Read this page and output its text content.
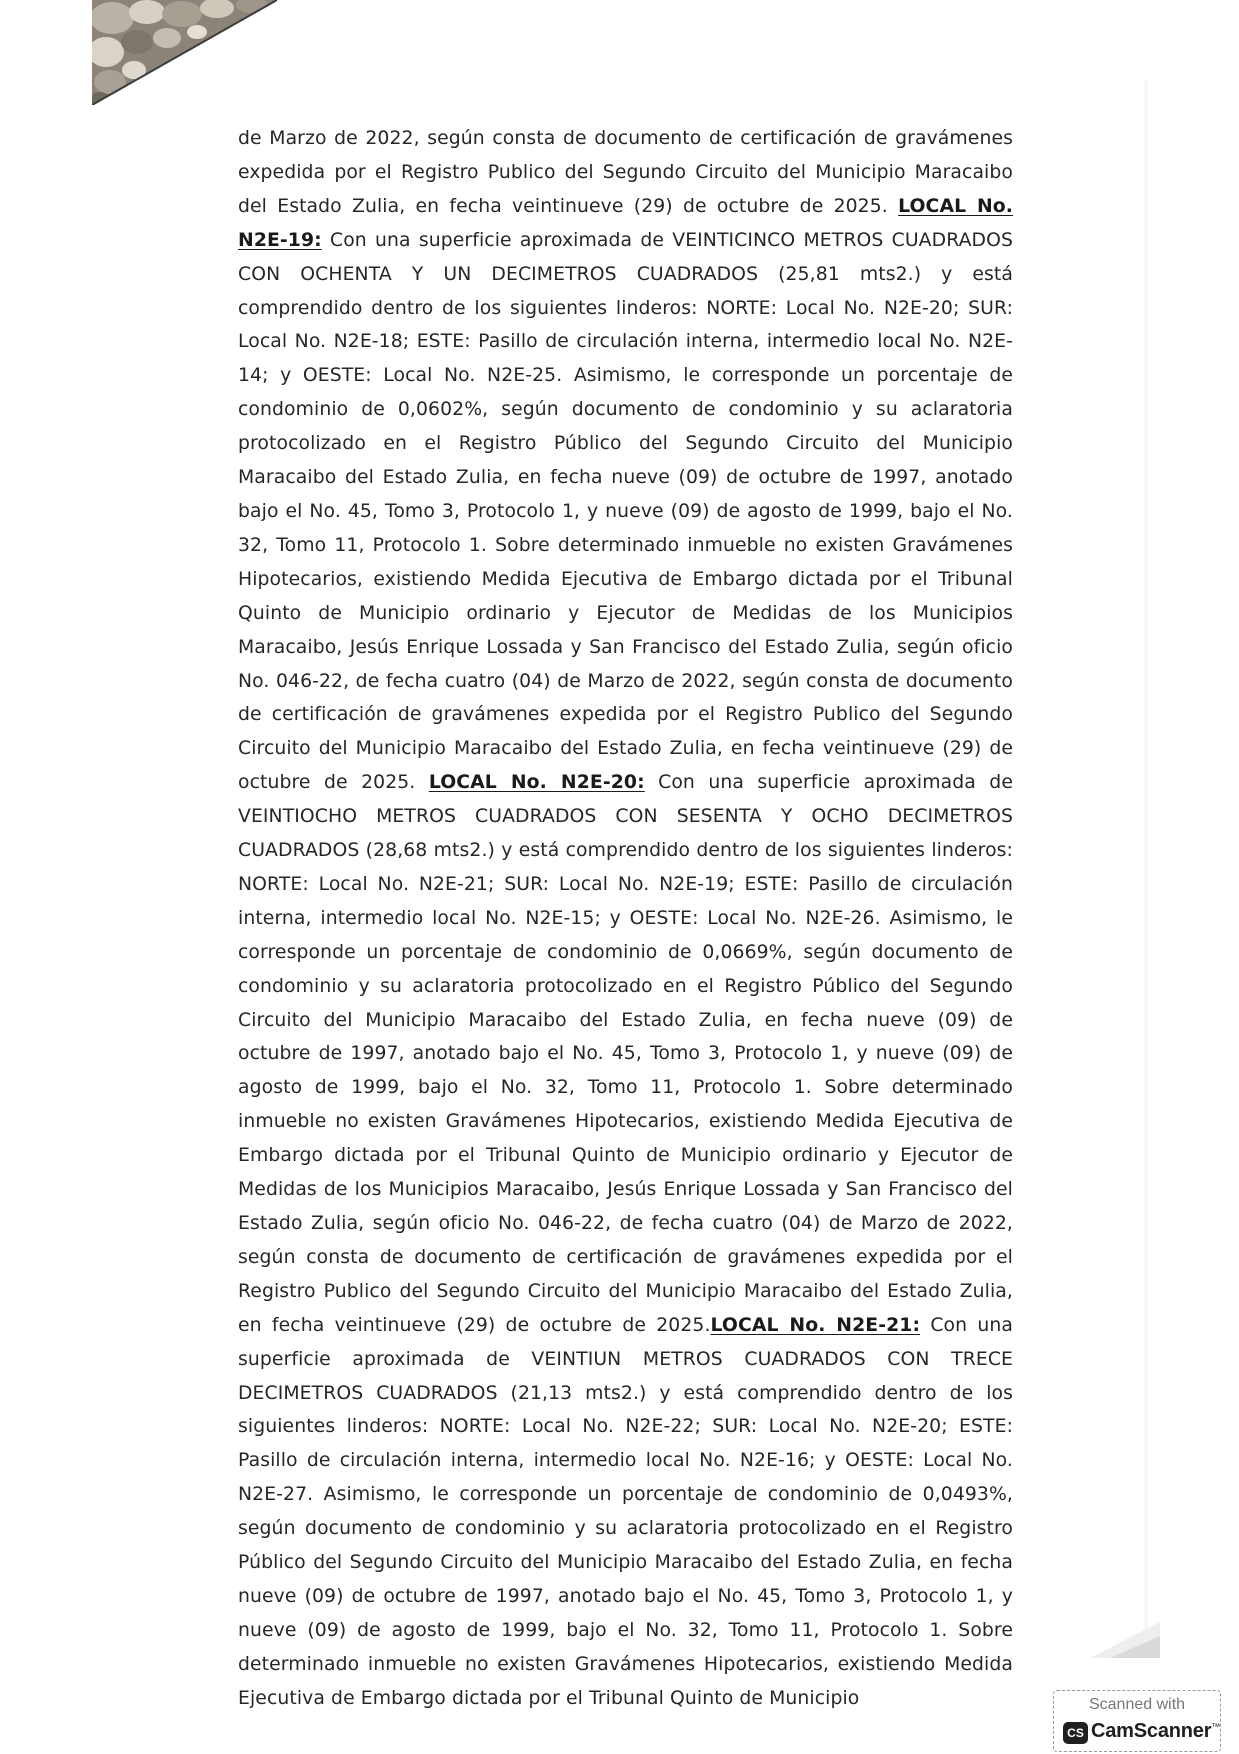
de Marzo de 2022, según consta de documento de certificación de gravámenes expedida por el Registro Publico del Segundo Circuito del Municipio Maracaibo del Estado Zulia, en fecha veintinueve (29) de octubre de 2025. LOCAL No. N2E-19: Con una superficie aproximada de VEINTICINCO METROS CUADRADOS CON OCHENTA Y UN DECIMETROS CUADRADOS (25,81 mts2.) y está comprendido dentro de los siguientes linderos: NORTE: Local No. N2E-20; SUR: Local No. N2E-18; ESTE: Pasillo de circulación interna, intermedio local No. N2E-14; y OESTE: Local No. N2E-25. Asimismo, le corresponde un porcentaje de condominio de 0,0602%, según documento de condominio y su aclaratoria protocolizado en el Registro Público del Segundo Circuito del Municipio Maracaibo del Estado Zulia, en fecha nueve (09) de octubre de 1997, anotado bajo el No. 45, Tomo 3, Protocolo 1, y nueve (09) de agosto de 1999, bajo el No. 32, Tomo 11, Protocolo 1. Sobre determinado inmueble no existen Gravámenes Hipotecarios, existiendo Medida Ejecutiva de Embargo dictada por el Tribunal Quinto de Municipio ordinario y Ejecutor de Medidas de los Municipios Maracaibo, Jesús Enrique Lossada y San Francisco del Estado Zulia, según oficio No. 046-22, de fecha cuatro (04) de Marzo de 2022, según consta de documento de certificación de gravámenes expedida por el Registro Publico del Segundo Circuito del Municipio Maracaibo del Estado Zulia, en fecha veintinueve (29) de octubre de 2025. LOCAL No. N2E-20: Con una superficie aproximada de VEINTIOCHO METROS CUADRADOS CON SESENTA Y OCHO DECIMETROS CUADRADOS (28,68 mts2.) y está comprendido dentro de los siguientes linderos: NORTE: Local No. N2E-21; SUR: Local No. N2E-19; ESTE: Pasillo de circulación interna, intermedio local No. N2E-15; y OESTE: Local No. N2E-26. Asimismo, le corresponde un porcentaje de condominio de 0,0669%, según documento de condominio y su aclaratoria protocolizado en el Registro Público del Segundo Circuito del Municipio Maracaibo del Estado Zulia, en fecha nueve (09) de octubre de 1997, anotado bajo el No. 45, Tomo 3, Protocolo 1, y nueve (09) de agosto de 1999, bajo el No. 32, Tomo 11, Protocolo 1. Sobre determinado inmueble no existen Gravámenes Hipotecarios, existiendo Medida Ejecutiva de Embargo dictada por el Tribunal Quinto de Municipio ordinario y Ejecutor de Medidas de los Municipios Maracaibo, Jesús Enrique Lossada y San Francisco del Estado Zulia, según oficio No. 046-22, de fecha cuatro (04) de Marzo de 2022, según consta de documento de certificación de gravámenes expedida por el Registro Publico del Segundo Circuito del Municipio Maracaibo del Estado Zulia, en fecha veintinueve (29) de octubre de 2025.LOCAL No. N2E-21: Con una superficie aproximada de VEINTIUN METROS CUADRADOS CON TRECE DECIMETROS CUADRADOS (21,13 mts2.) y está comprendido dentro de los siguientes linderos: NORTE: Local No. N2E-22; SUR: Local No. N2E-20; ESTE: Pasillo de circulación interna, intermedio local No. N2E-16; y OESTE: Local No. N2E-27. Asimismo, le corresponde un porcentaje de condominio de 0,0493%, según documento de condominio y su aclaratoria protocolizado en el Registro Público del Segundo Circuito del Municipio Maracaibo del Estado Zulia, en fecha nueve (09) de octubre de 1997, anotado bajo el No. 45, Tomo 3, Protocolo 1, y nueve (09) de agosto de 1999, bajo el No. 32, Tomo 11, Protocolo 1. Sobre determinado inmueble no existen Gravámenes Hipotecarios, existiendo Medida Ejecutiva de Embargo dictada por el Tribunal Quinto de Municipio	Scanned with
CS CamScanner™
